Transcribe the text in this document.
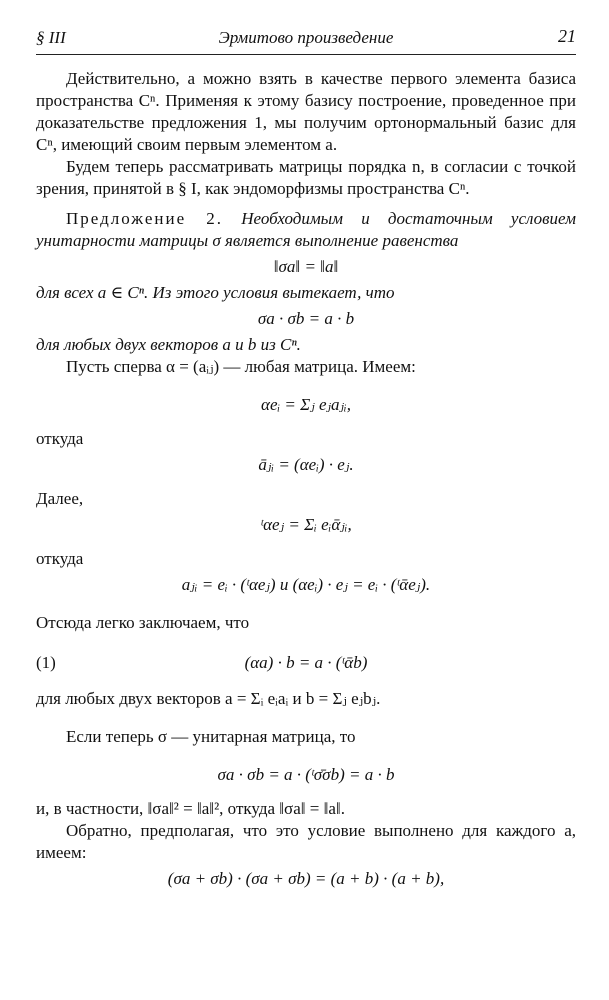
§ III	Эрмитово произведение	21

Действительно, a можно взять в качестве первого элемента базиса пространства Cⁿ. Применяя к этому базису построение, проведенное при доказательстве предложения 1, мы получим ортонормальный базис для Cⁿ, имеющий своим первым элементом a.

Будем теперь рассматривать матрицы порядка n, в согласии с точкой зрения, принятой в § I, как эндоморфизмы пространства Cⁿ.

Предложение 2. Необходимым и достаточным условием унитарности матрицы σ является выполнение равенства

‖σa‖ = ‖a‖

для всех a ∈ Cⁿ. Из этого условия вытекает, что

σa · σb = a · b

для любых двух векторов a и b из Cⁿ.

Пусть сперва α = (aᵢⱼ) — любая матрица. Имеем:

αeᵢ = Σⱼ eⱼaⱼᵢ,

откуда

āⱼᵢ = (αeᵢ) · eⱼ.

Далее,

ᵗαeⱼ = Σᵢ eᵢᾱⱼᵢ,

откуда

aⱼᵢ = eᵢ · (ᵗαeⱼ) и (αeᵢ) · eⱼ = eᵢ · (ᵗᾱeⱼ).

Отсюда легко заключаем, что

(1)	(αa) · b = a · (ᵗᾱb)

для любых двух векторов a = Σᵢ eᵢaᵢ и b = Σⱼ eⱼbⱼ.

Если теперь σ — унитарная матрица, то

σa · σb = a · (ᵗσ̄σb) = a · b

и, в частности, ‖σa‖² = ‖a‖², откуда ‖σa‖ = ‖a‖.

Обратно, предполагая, что это условие выполнено для каждого a, имеем:

(σa + σb) · (σa + σb) = (a + b) · (a + b),
